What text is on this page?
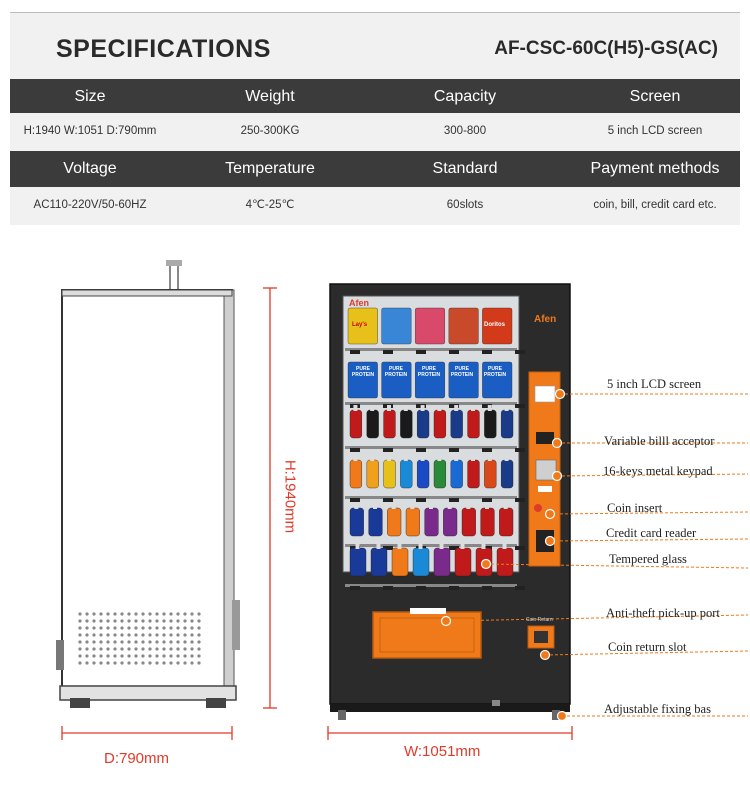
SPECIFICATIONS	AF-CSC-60C(H5)-GS(AC)
Size	Weight	Capacity	Screen
H:1940 W:1051 D:790mm	250-300KG	300-800	5 inch LCD screen
Voltage	Temperature	Standard	Payment methods
AC110-220V/50-60HZ	4℃-25℃	60slots	coin, bill, credit card etc.
Afen
Afen
Lay's	Doritos
PURE PROTEIN
PURE PROTEIN
PURE PROTEIN
PURE PROTEIN
PURE PROTEIN
Coin Return
H:1940mm
D:790mm	W:1051mm
5 inch LCD screen
Variable billl acceptor
16-keys metal keypad
Coin insert
Credit card reader
Tempered glass
Anti-theft pick-up port
Coin return slot
Adjustable fixing bas
